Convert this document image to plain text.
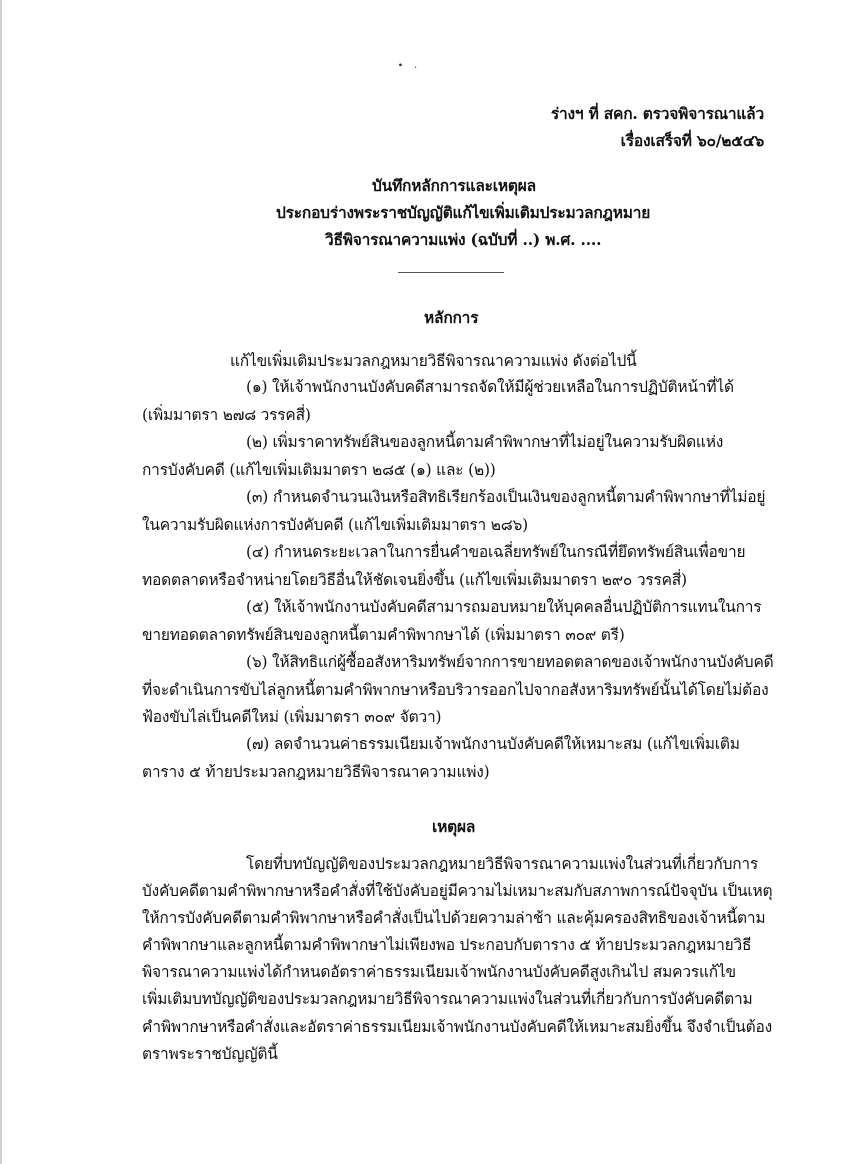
∙ ·
ร่างฯ ที่ สคก. ตรวจพิจารณาแล้ว
เรื่องเสร็จที่ ๖๐/๒๕๔๖
บันทึกหลักการและเหตุผล
ประกอบร่างพระราชบัญญัติแก้ไขเพิ่มเติมประมวลกฎหมาย
วิธีพิจารณาความแพ่ง (ฉบับที่ ..) พ.ศ. ....
หลักการ
แก้ไขเพิ่มเติมประมวลกฎหมายวิธีพิจารณาความแพ่ง ดังต่อไปนี้
(๑) ให้เจ้าพนักงานบังคับคดีสามารถจัดให้มีผู้ช่วยเหลือในการปฏิบัติหน้าที่ได้
(เพิ่มมาตรา ๒๗๘ วรรคสี่)
(๒) เพิ่มราคาทรัพย์สินของลูกหนี้ตามคำพิพากษาที่ไม่อยู่ในความรับผิดแห่ง
การบังคับคดี (แก้ไขเพิ่มเติมมาตรา ๒๘๕ (๑) และ (๒))
(๓) กำหนดจำนวนเงินหรือสิทธิเรียกร้องเป็นเงินของลูกหนี้ตามคำพิพากษาที่ไม่อยู่
ในความรับผิดแห่งการบังคับคดี (แก้ไขเพิ่มเติมมาตรา ๒๘๖)
(๔) กำหนดระยะเวลาในการยื่นคำขอเฉลี่ยทรัพย์ในกรณีที่ยึดทรัพย์สินเพื่อขาย
ทอดตลาดหรือจำหน่ายโดยวิธีอื่นให้ชัดเจนยิ่งขึ้น (แก้ไขเพิ่มเติมมาตรา ๒๙๐ วรรคสี่)
(๕) ให้เจ้าพนักงานบังคับคดีสามารถมอบหมายให้บุคคลอื่นปฏิบัติการแทนในการ
ขายทอดตลาดทรัพย์สินของลูกหนี้ตามคำพิพากษาได้ (เพิ่มมาตรา ๓๐๙ ตรี)
(๖) ให้สิทธิแก่ผู้ซื้ออสังหาริมทรัพย์จากการขายทอดตลาดของเจ้าพนักงานบังคับคดี
ที่จะดำเนินการขับไล่ลูกหนี้ตามคำพิพากษาหรือบริวารออกไปจากอสังหาริมทรัพย์นั้นได้โดยไม่ต้อง
ฟ้องขับไล่เป็นคดีใหม่ (เพิ่มมาตรา ๓๐๙ จัตวา)
(๗) ลดจำนวนค่าธรรมเนียมเจ้าพนักงานบังคับคดีให้เหมาะสม (แก้ไขเพิ่มเติม
ตาราง ๕ ท้ายประมวลกฎหมายวิธีพิจารณาความแพ่ง)
เหตุผล
โดยที่บทบัญญัติของประมวลกฎหมายวิธีพิจารณาความแพ่งในส่วนที่เกี่ยวกับการ
บังคับคดีตามคำพิพากษาหรือคำสั่งที่ใช้บังคับอยู่มีความไม่เหมาะสมกับสภาพการณ์ปัจจุบัน เป็นเหตุ
ให้การบังคับคดีตามคำพิพากษาหรือคำสั่งเป็นไปด้วยความล่าช้า และคุ้มครองสิทธิของเจ้าหนี้ตาม
คำพิพากษาและลูกหนี้ตามคำพิพากษาไม่เพียงพอ ประกอบกับตาราง ๕ ท้ายประมวลกฎหมายวิธี
พิจารณาความแพ่งได้กำหนดอัตราค่าธรรมเนียมเจ้าพนักงานบังคับคดีสูงเกินไป สมควรแก้ไข
เพิ่มเติมบทบัญญัติของประมวลกฎหมายวิธีพิจารณาความแพ่งในส่วนที่เกี่ยวกับการบังคับคดีตาม
คำพิพากษาหรือคำสั่งและอัตราค่าธรรมเนียมเจ้าพนักงานบังคับคดีให้เหมาะสมยิ่งขึ้น จึงจำเป็นต้อง
ตราพระราชบัญญัตินี้
